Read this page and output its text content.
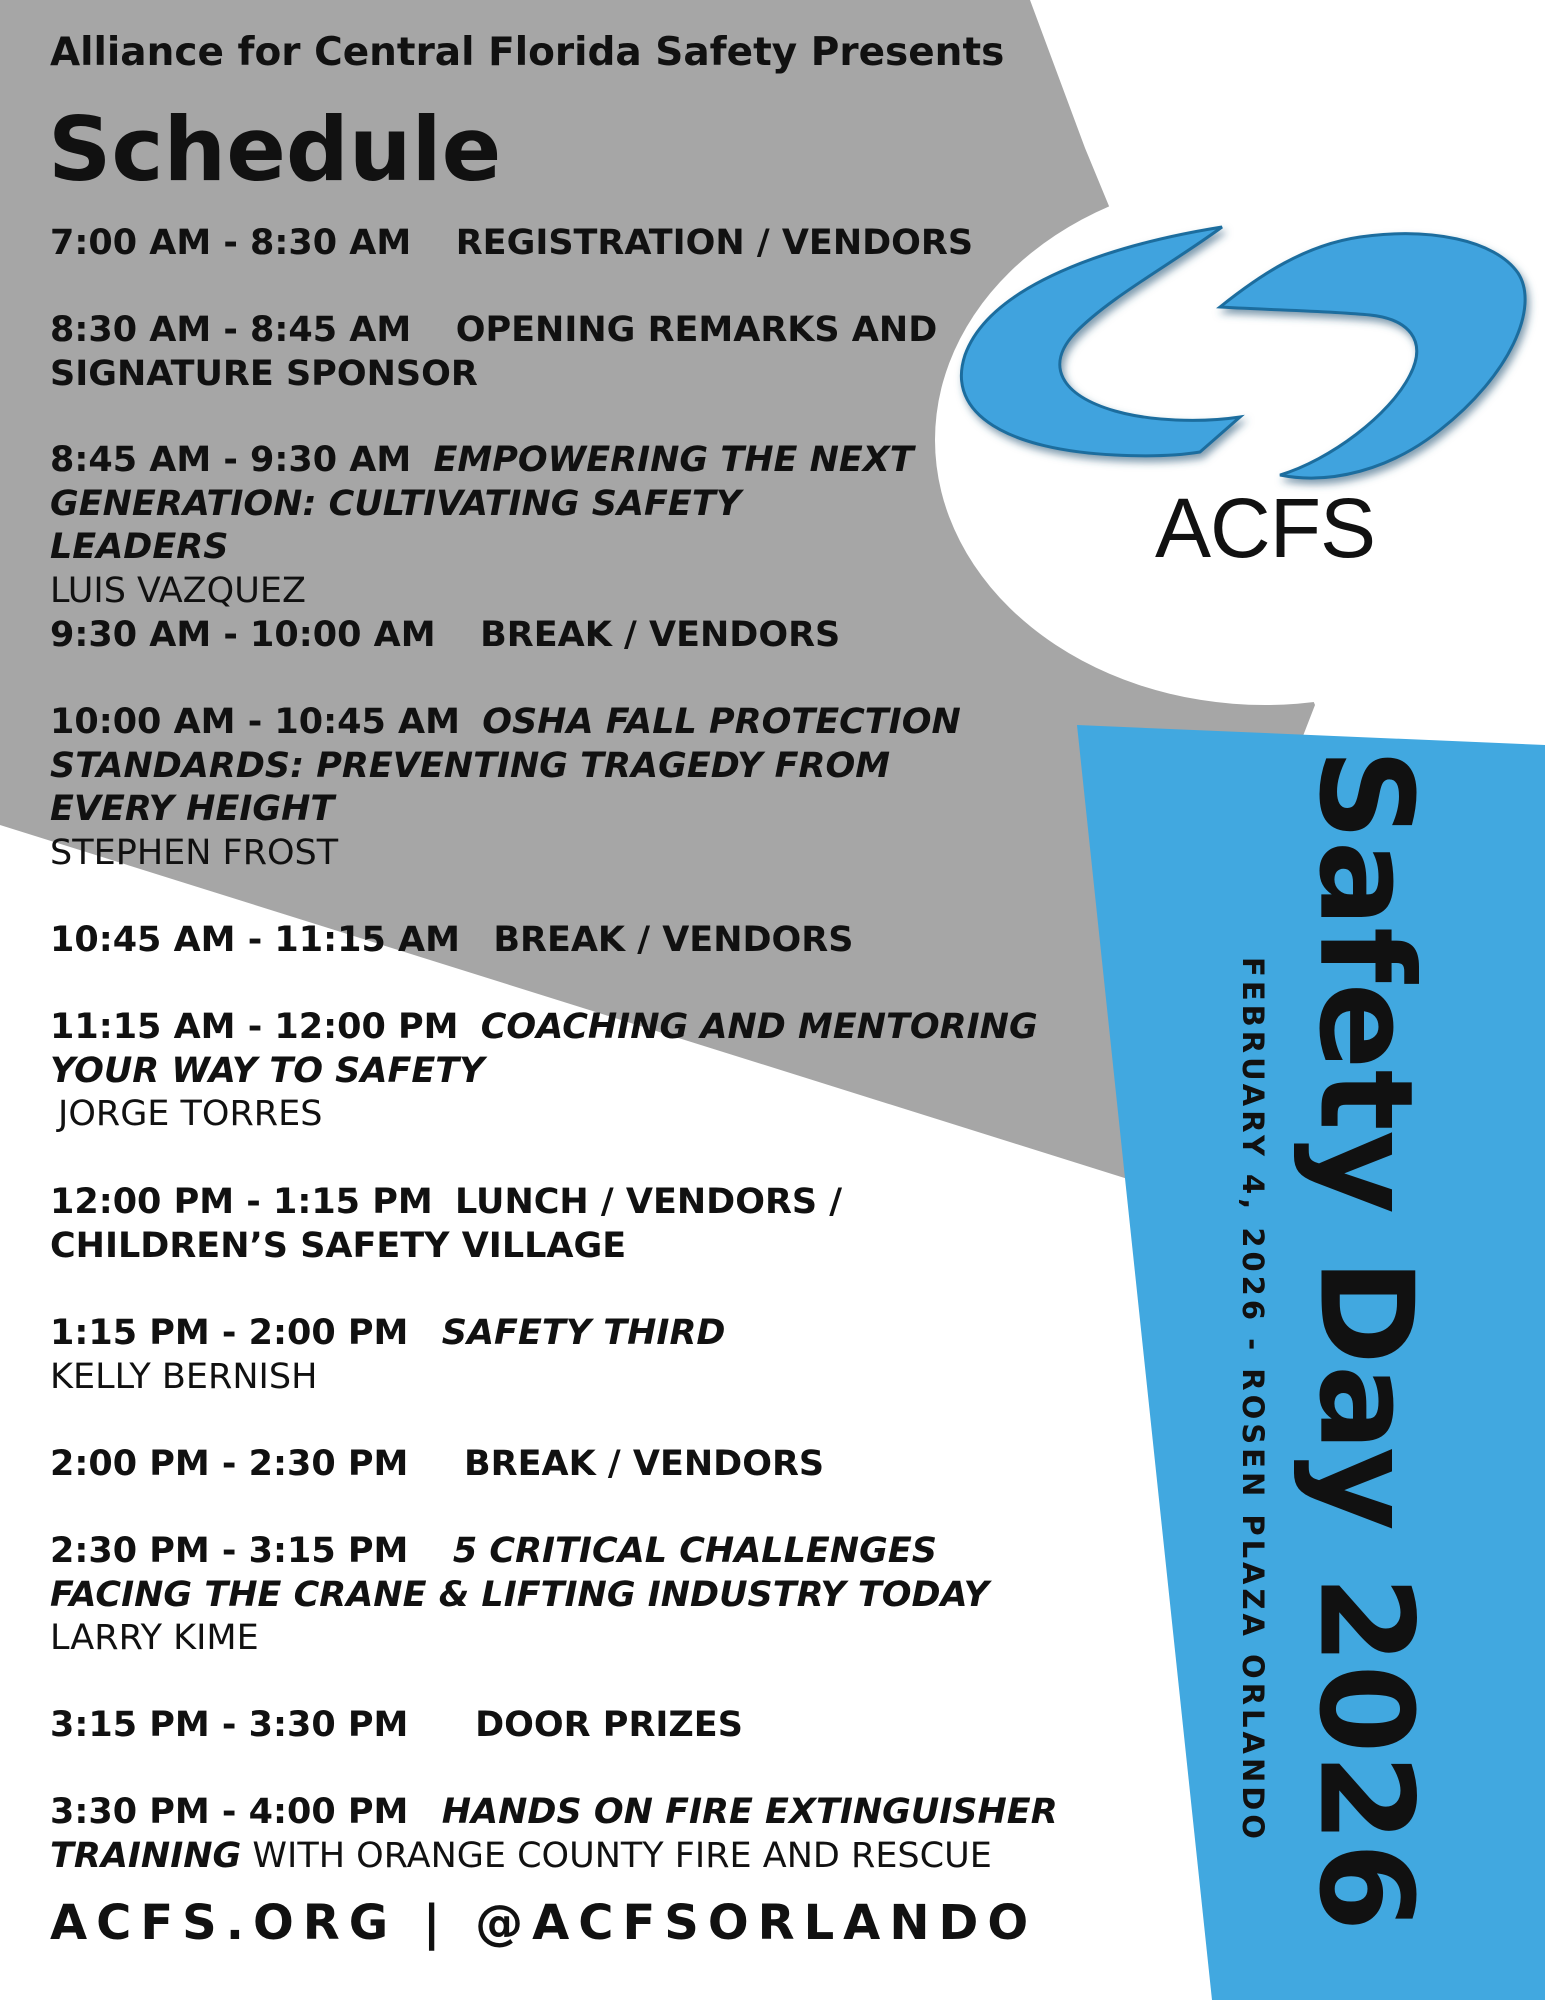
ACFS
Alliance for Central Florida Safety Presents
Schedule
7:00 AM - 8:30 AM REGISTRATION / VENDORS
8:30 AM - 8:45 AM OPENING REMARKS AND SIGNATURE SPONSOR
8:45 AM - 9:30 AM EMPOWERING THE NEXT GENERATION: CULTIVATING SAFETY LEADERS
LUIS VAZQUEZ
9:30 AM - 10:00 AM BREAK / VENDORS
10:00 AM - 10:45 AM OSHA FALL PROTECTION STANDARDS: PREVENTING TRAGEDY FROM EVERY HEIGHT
STEPHEN FROST
10:45 AM - 11:15 AM BREAK / VENDORS
11:15 AM - 12:00 PM COACHING AND MENTORING YOUR WAY TO SAFETY
JORGE TORRES
12:00 PM - 1:15 PM LUNCH / VENDORS / CHILDREN’S SAFETY VILLAGE
1:15 PM - 2:00 PM SAFETY THIRD
KELLY BERNISH
2:00 PM - 2:30 PM BREAK / VENDORS
2:30 PM - 3:15 PM 5 CRITICAL CHALLENGES FACING THE CRANE & LIFTING INDUSTRY TODAY
LARRY KIME
3:15 PM - 3:30 PM DOOR PRIZES
3:30 PM - 4:00 PM HANDS ON FIRE EXTINGUISHER TRAINING WITH ORANGE COUNTY FIRE AND RESCUE
ACFS.ORG | @ACFSORLANDO Safety Day 2026
FEBRUARY 4, 2026 - ROSEN PLAZA ORLANDO
